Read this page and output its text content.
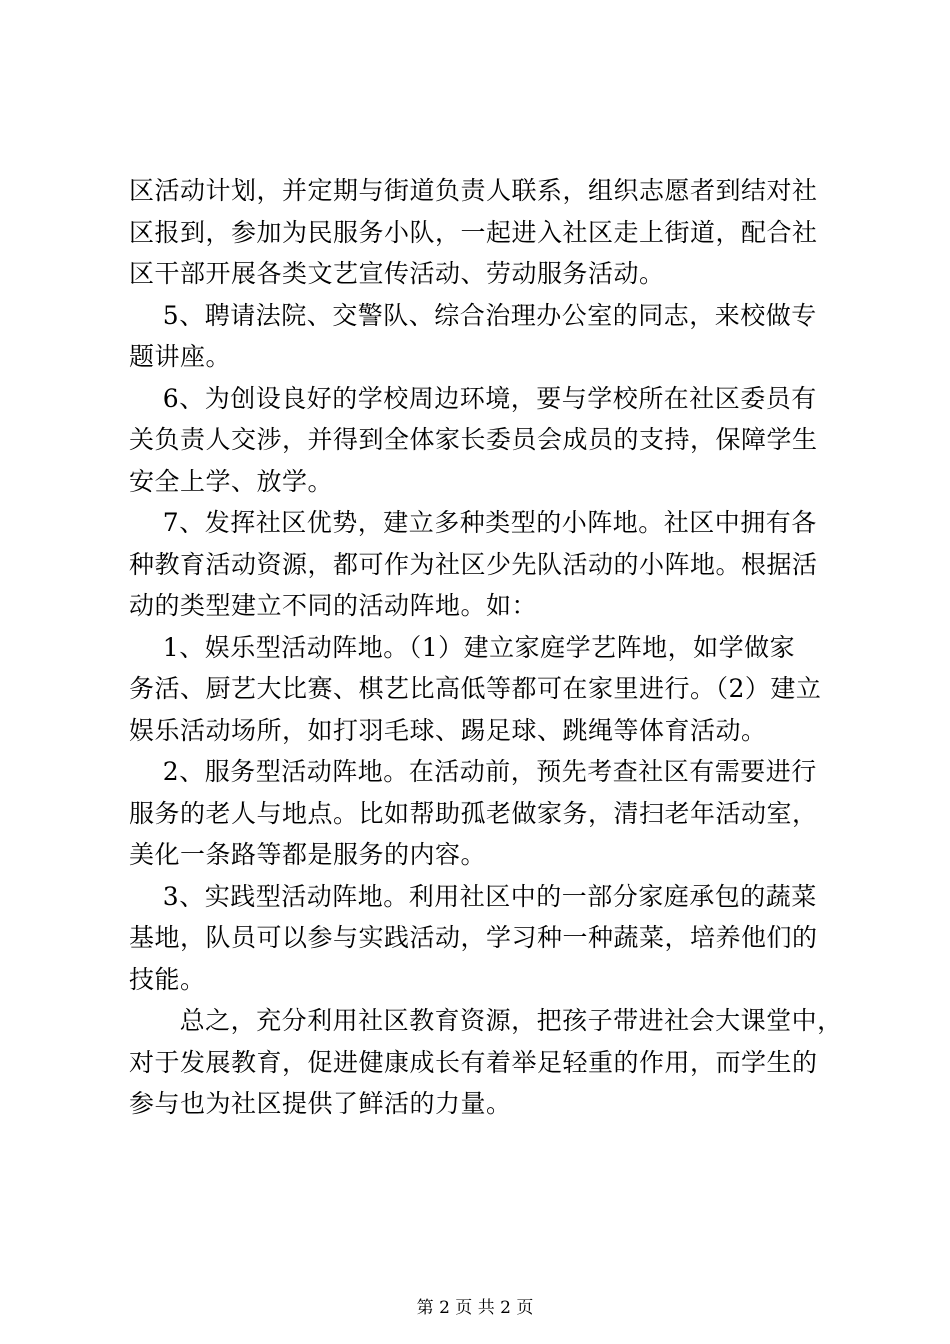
区活动计划，并定期与街道负责人联系，组织志愿者到结对社
区报到，参加为民服务小队，一起进入社区走上街道，配合社
区干部开展各类文艺宣传活动、劳动服务活动。
5、聘请法院、交警队、综合治理办公室的同志，来校做专
题讲座。
6、为创设良好的学校周边环境，要与学校所在社区委员有
关负责人交涉，并得到全体家长委员会成员的支持，保障学生
安全上学、放学。
7、发挥社区优势，建立多种类型的小阵地。社区中拥有各
种教育活动资源，都可作为社区少先队活动的小阵地。根据活
动的类型建立不同的活动阵地。如：
1、娱乐型活动阵地。（1）建立家庭学艺阵地，如学做家
务活、厨艺大比赛、棋艺比高低等都可在家里进行。（2）建立
娱乐活动场所，如打羽毛球、踢足球、跳绳等体育活动。
2、服务型活动阵地。在活动前，预先考查社区有需要进行
服务的老人与地点。比如帮助孤老做家务，清扫老年活动室，
美化一条路等都是服务的内容。
3、实践型活动阵地。利用社区中的一部分家庭承包的蔬菜
基地，队员可以参与实践活动，学习种一种蔬菜，培养他们的
技能。
总之，充分利用社区教育资源，把孩子带进社会大课堂中，
对于发展教育，促进健康成长有着举足轻重的作用，而学生的
参与也为社区提供了鲜活的力量。
第 2 页 共 2 页
